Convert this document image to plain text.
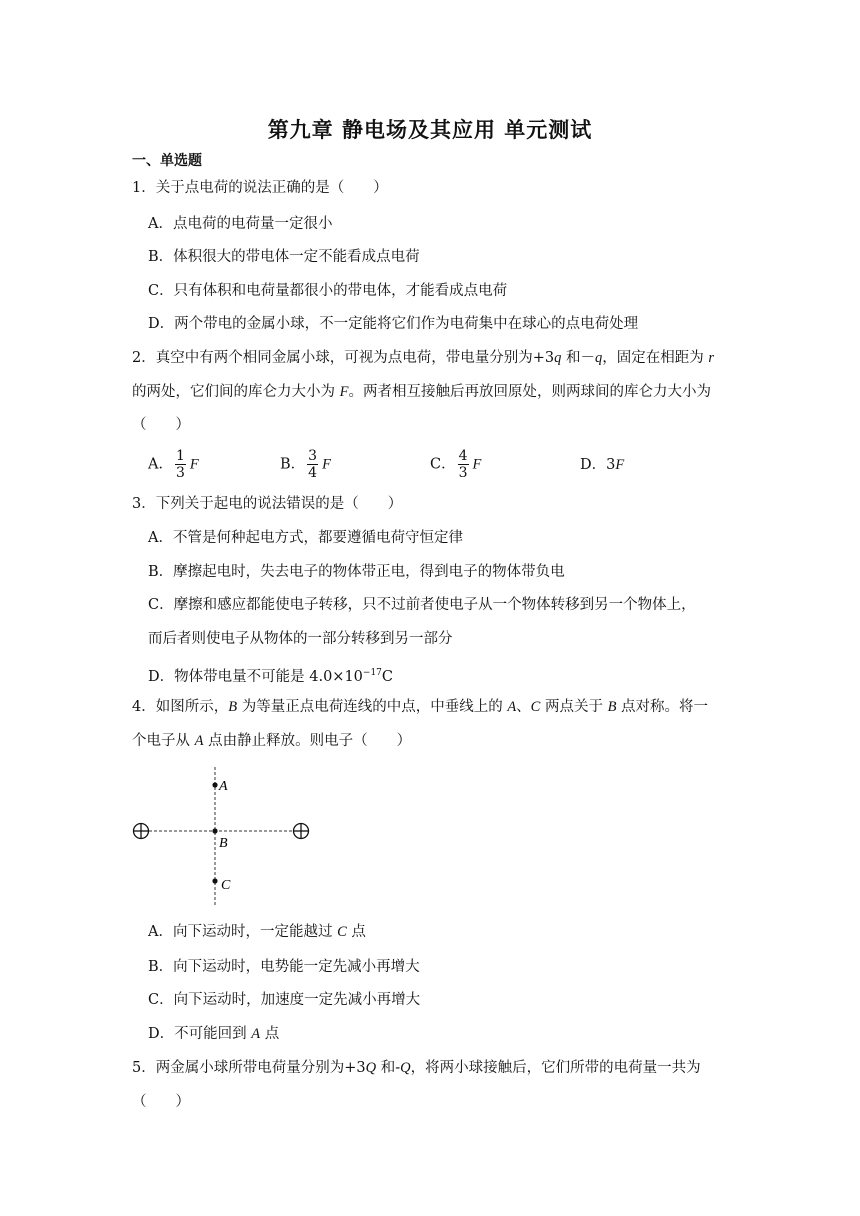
第九章 静电场及其应用 单元测试
一、单选题
1．关于点电荷的说法正确的是（　　）
A．点电荷的电荷量一定很小
B．体积很大的带电体一定不能看成点电荷
C．只有体积和电荷量都很小的带电体，才能看成点电荷
D．两个带电的金属小球，不一定能将它们作为电荷集中在球心的点电荷处理
2．真空中有两个相同金属小球，可视为点电荷，带电量分别为+3q 和－q，固定在相距为 r
的两处，它们间的库仑力大小为 F。两者相互接触后再放回原处，则两球间的库仑力大小为
（　　）
A． $\frac{1}{3}$ F	B． $\frac{3}{4}$ F	C． $\frac{4}{3}$ F	D．3F
3．下列关于起电的说法错误的是（　　）
A．不管是何种起电方式，都要遵循电荷守恒定律
B．摩擦起电时，失去电子的物体带正电，得到电子的物体带负电
C．摩擦和感应都能使电子转移，只不过前者使电子从一个物体转移到另一个物体上，
而后者则使电子从物体的一部分转移到另一部分
D．物体带电量不可能是 $4.0\times 10^{-17}C$
4．如图所示，B 为等量正点电荷连线的中点，中垂线上的 A、C 两点关于 B 点对称。将一
个电子从 A 点由静止释放。则电子（　　）
A
B
C
A．向下运动时，一定能越过 C 点
B．向下运动时，电势能一定先减小再增大
C．向下运动时，加速度一定先减小再增大
D．不可能回到 A 点
5．两金属小球所带电荷量分别为+3Q 和-Q，将两小球接触后，它们所带的电荷量一共为
（　　）
